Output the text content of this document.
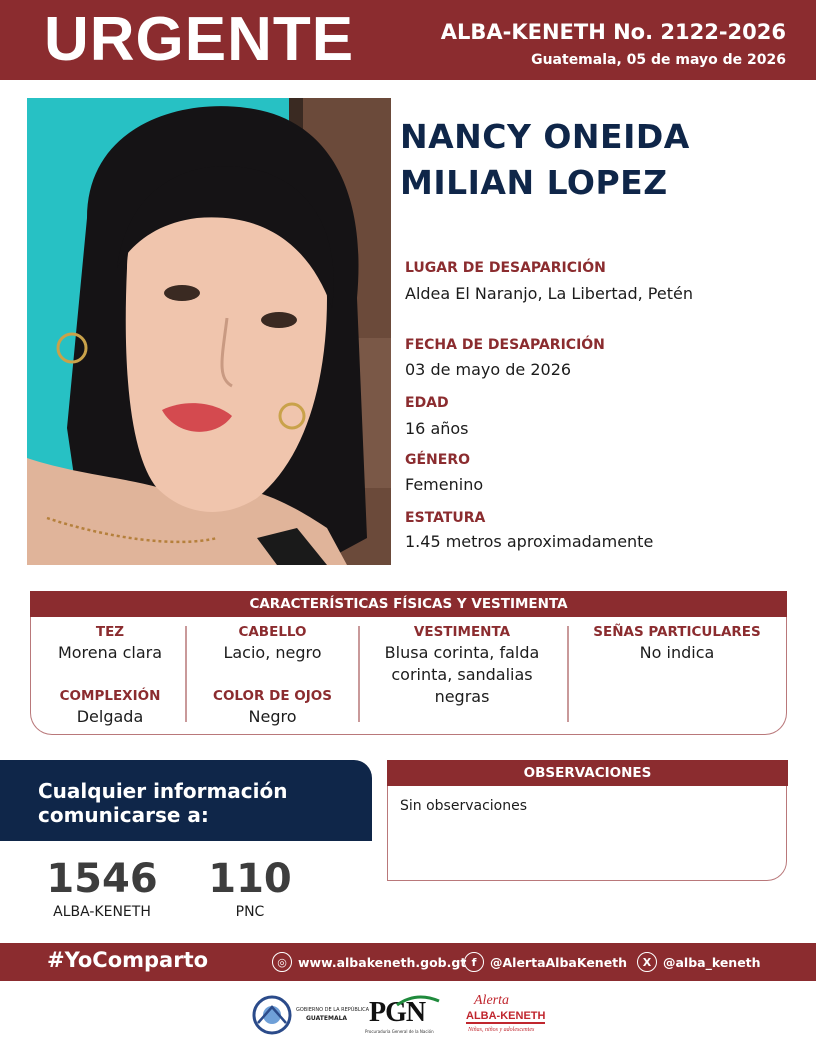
URGENTE	ALBA-KENETH No. 2122-2026
Guatemala, 05 de mayo de 2026
NANCY ONEIDA
MILIAN LOPEZ
LUGAR DE DESAPARICIÓN
Aldea El Naranjo, La Libertad, Petén
FECHA DE DESAPARICIÓN
03 de mayo de 2026
EDAD
16 años
GÉNERO
Femenino
ESTATURA
1.45 metros aproximadamente
CARACTERÍSTICAS FÍSICAS Y VESTIMENTA
TEZ
Morena clara
COMPLEXIÓN
Delgada
CABELLO
Lacio, negro
COLOR DE OJOS
Negro
VESTIMENTA
Blusa corinta, falda
corinta, sandalias
negras
SEÑAS PARTICULARES
No indica
Cualquier información
comunicarse a:
1546
ALBA-KENETH
110
PNC
OBSERVACIONES
Sin observaciones
#YoComparto	◎ www.albakeneth.gob.gt f	@AlertaAlbaKeneth	X @alba_keneth
GOBIERNO DE LA REPÚBLICA
GUATEMALA PGN
Procuraduría General de la Nación
Alerta
ALBA-KENETH
Niñas, niños y adolescentes
